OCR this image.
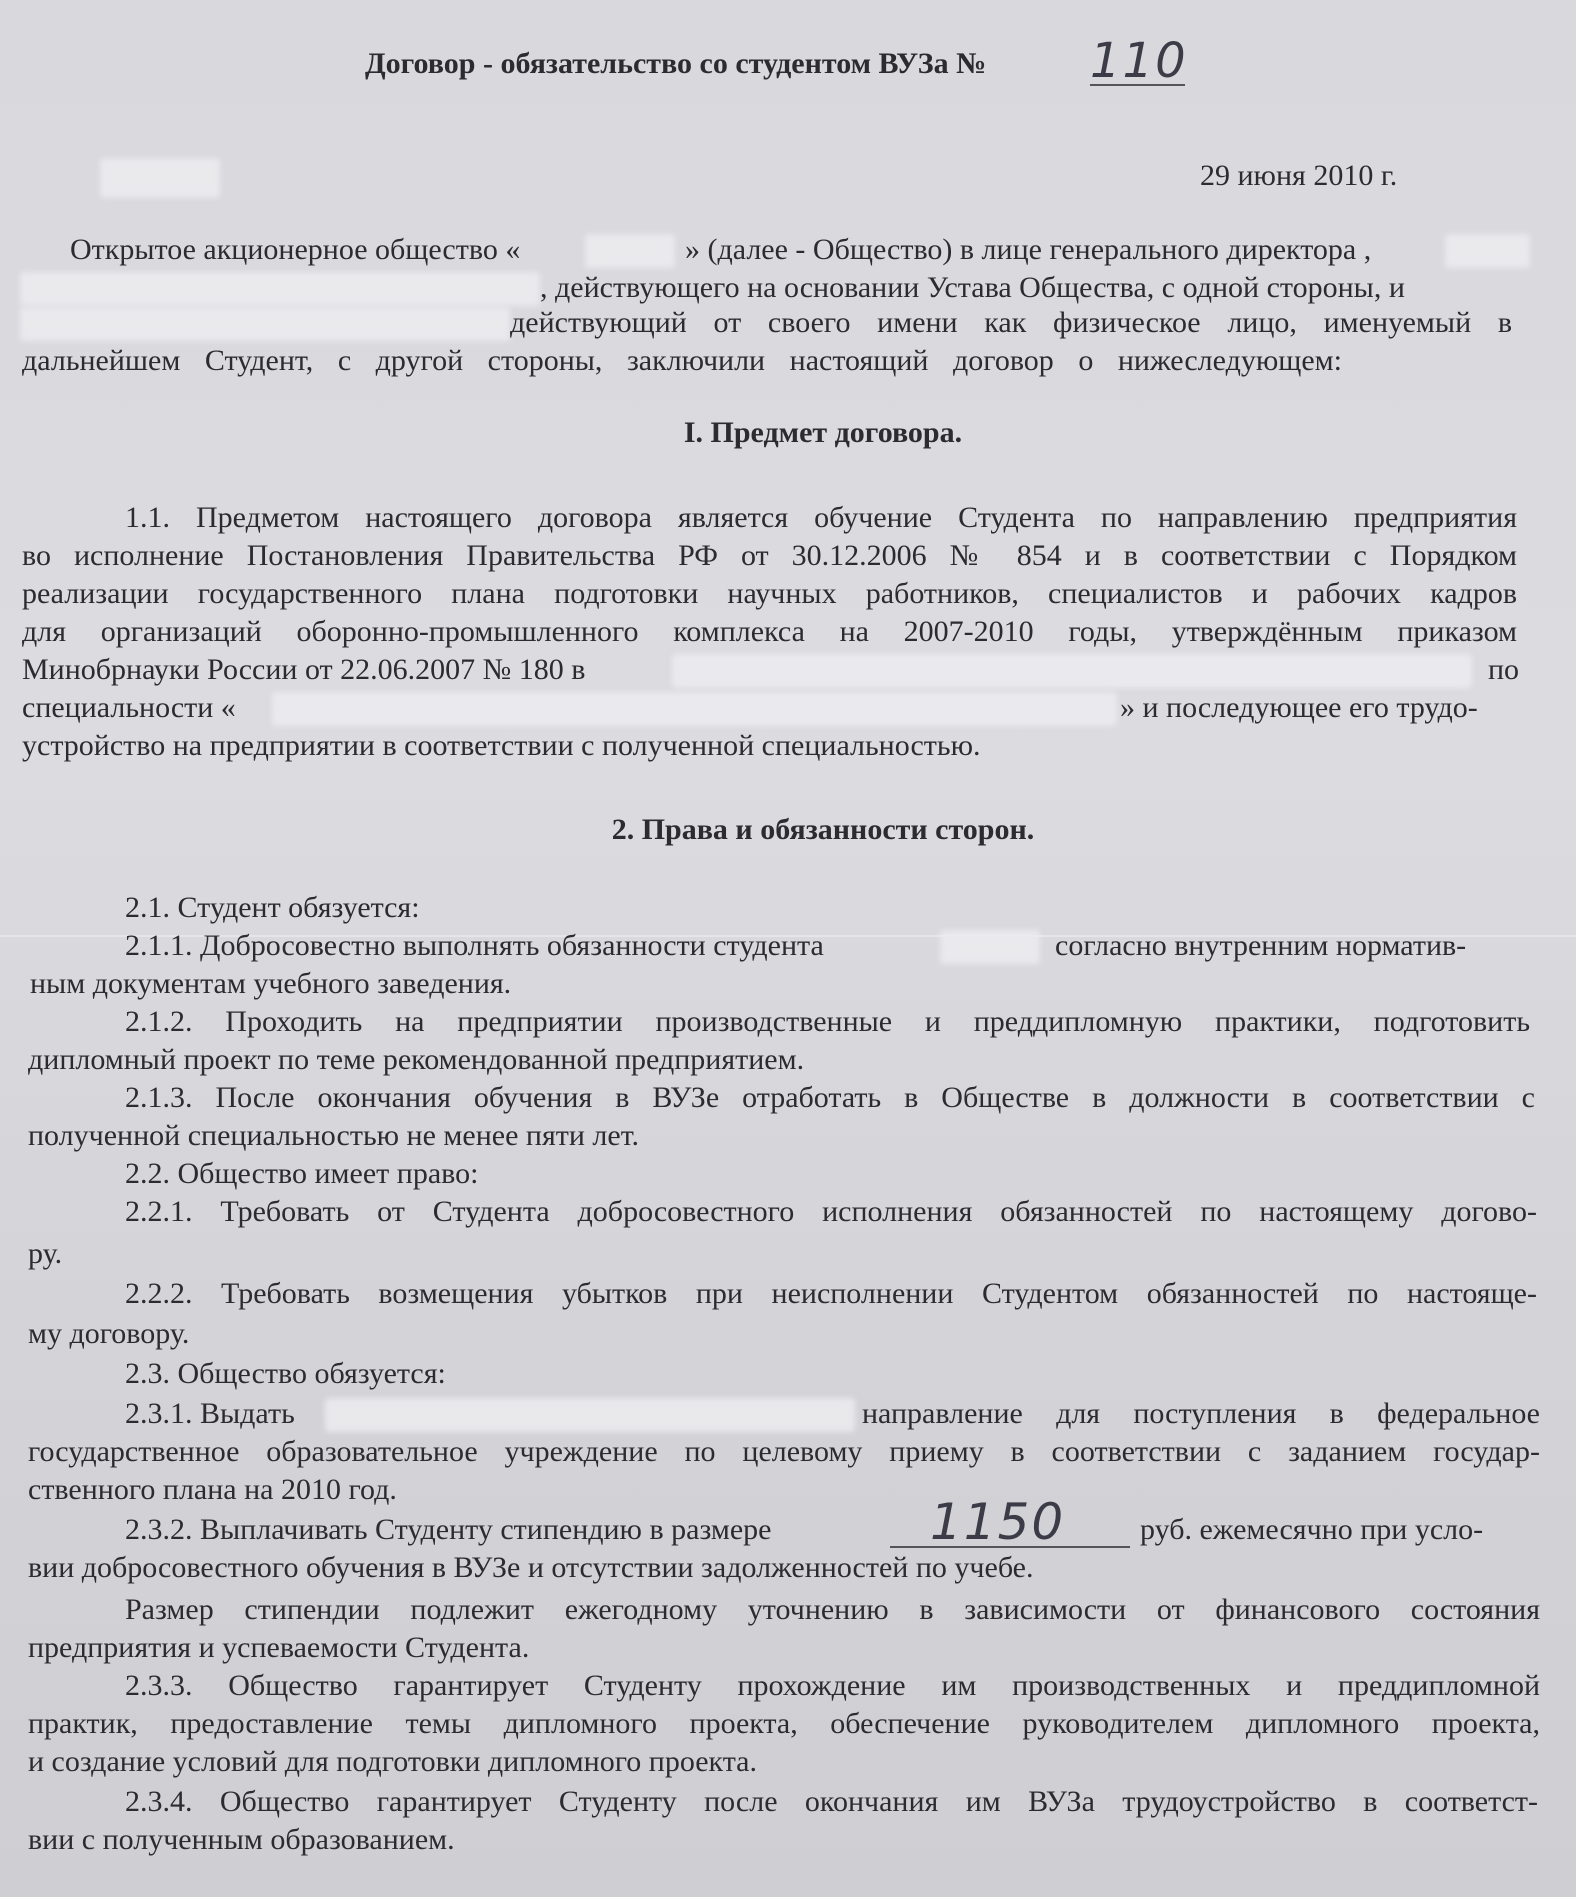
Договор - обязательство со студентом ВУЗа № 110
29 июня 2010 г.
Открытое акционерное общество «	» (далее - Общество) в лице генерального директора ,
, действующего на основании Устава Общества, с одной стороны, и
действующий от своего имени как физическое лицо, именуемый в
дальнейшем Студент, с другой стороны, заключили настоящий договор о нижеследующем:
I. Предмет договора.
1.1. Предметом настоящего договора является обучение Студента по направлению предприятия
во исполнение Постановления Правительства РФ от 30.12.2006 № 854 и в соответствии с Порядком
реализации государственного плана подготовки научных работников, специалистов и рабочих кадров
для организаций оборонно-промышленного комплекса на 2007-2010 годы, утверждённым приказом
Минобрнауки России от 22.06.2007 № 180 в	по
специальности «	» и последующее его трудо-
устройство на предприятии в соответствии с полученной специальностью.
2. Права и обязанности сторон.
2.1. Студент обязуется:
2.1.1. Добросовестно выполнять обязанности студента	согласно внутренним норматив-
ным документам учебного заведения.
2.1.2. Проходить на предприятии производственные и преддипломную практики, подготовить
дипломный проект по теме рекомендованной предприятием.
2.1.3. После окончания обучения в ВУЗе отработать в Обществе в должности в соответствии с
полученной специальностью не менее пяти лет.
2.2. Общество имеет право:
2.2.1. Требовать от Студента добросовестного исполнения обязанностей по настоящему догово-
ру.
2.2.2. Требовать возмещения убытков при неисполнении Студентом обязанностей по настояще-
му договору.
2.3. Общество обязуется:
2.3.1. Выдать	направление для поступления в федеральное
государственное образовательное учреждение по целевому приему в соответствии с заданием государ-
ственного плана на 2010 год.
2.3.2. Выплачивать Студенту стипендию в размере	1150 руб. ежемесячно при усло-
вии добросовестного обучения в ВУЗе и отсутствии задолженностей по учебе.
Размер стипендии подлежит ежегодному уточнению в зависимости от финансового состояния
предприятия и успеваемости Студента.
2.3.3. Общество гарантирует Студенту прохождение им производственных и преддипломной
практик, предоставление темы дипломного проекта, обеспечение руководителем дипломного проекта,
и создание условий для подготовки дипломного проекта.
2.3.4. Общество гарантирует Студенту после окончания им ВУЗа трудоустройство в соответст-
вии с полученным образованием.
